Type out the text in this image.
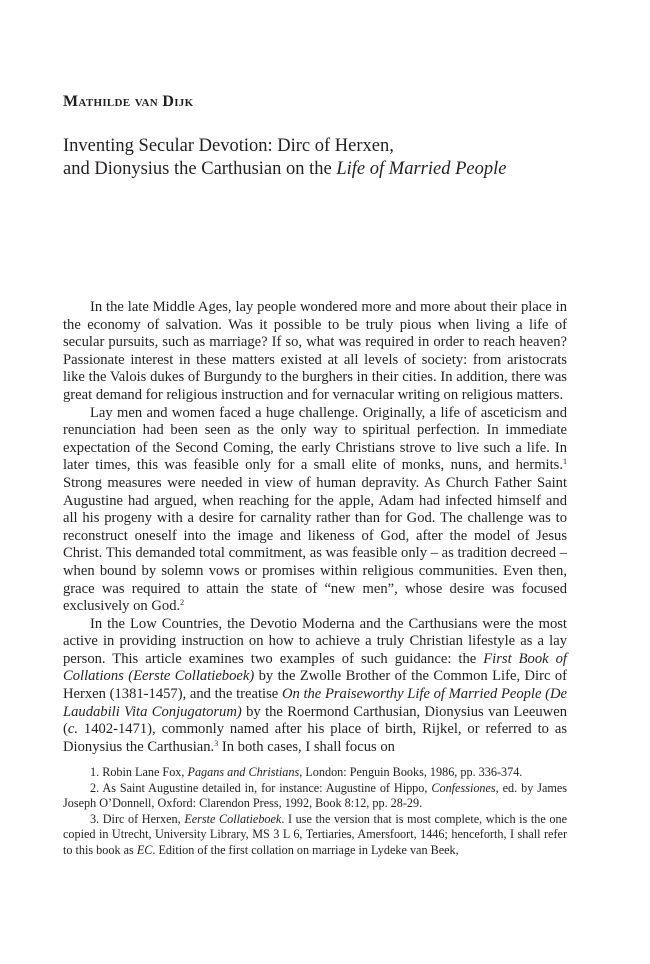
Mathilde van Dijk
Inventing Secular Devotion: Dirc of Herxen,
and Dionysius the Carthusian on the Life of Married People

In the late Middle Ages, lay people wondered more and more about their place in the economy of salvation. Was it possible to be truly pious when living a life of secular pursuits, such as marriage? If so, what was required in order to reach heaven? Passionate interest in these matters existed at all levels of society: from aristocrats like the Valois dukes of Burgundy to the burghers in their cities. In addition, there was great demand for religious instruction and for vernacular writing on religious matters.

Lay men and women faced a huge challenge. Originally, a life of asceticism and renunciation had been seen as the only way to spiritual perfection. In immediate expectation of the Second Coming, the early Christians strove to live such a life. In later times, this was feasible only for a small elite of monks, nuns, and hermits.$^1$ Strong measures were needed in view of human depravity. As Church Father Saint Augustine had argued, when reaching for the apple, Adam had infected himself and all his progeny with a desire for carnality rather than for God. The challenge was to reconstruct oneself into the image and likeness of God, after the model of Jesus Christ. This demanded total commitment, as was feasible only – as tradition decreed – when bound by solemn vows or promises within religious communities. Even then, grace was required to attain the state of “new men”, whose desire was focused exclusively on God.$^2$

In the Low Countries, the Devotio Moderna and the Carthusians were the most active in providing instruction on how to achieve a truly Christian lifestyle as a lay person. This article examines two examples of such guidance: the First Book of Collations (Eerste Collatieboek) by the Zwolle Brother of the Common Life, Dirc of Herxen (1381-1457), and the treatise On the Praiseworthy Life of Married People (De Laudabili Vita Conjugatorum) by the Roermond Carthusian, Dionysius van Leeuwen (c. 1402-1471), commonly named after his place of birth, Rijkel, or referred to as Dionysius the Carthusian.$^3$ In both cases, I shall focus on

1. Robin Lane Fox, Pagans and Christians, London: Penguin Books, 1986, pp. 336-374.

2. As Saint Augustine detailed in, for instance: Augustine of Hippo, Confessiones, ed. by James Joseph O’Donnell, Oxford: Clarendon Press, 1992, Book 8:12, pp. 28-29.

3. Dirc of Herxen, Eerste Collatieboek. I use the version that is most complete, which is the one copied in Utrecht, University Library, MS 3 L 6, Tertiaries, Amersfoort, 1446; henceforth, I shall refer to this book as EC. Edition of the first collation on marriage in Lydeke van Beek,
